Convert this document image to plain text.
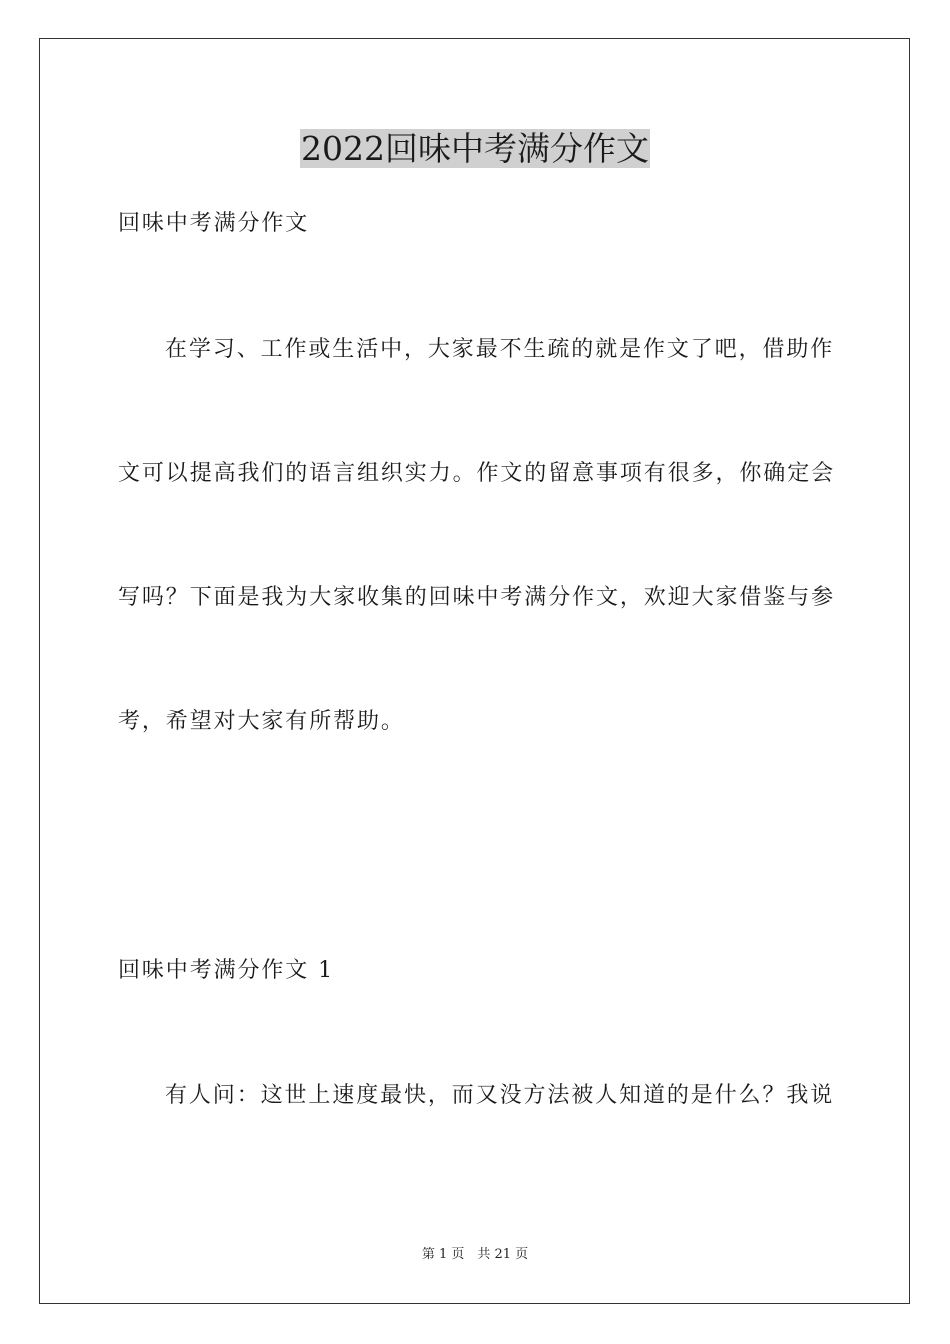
2022回味中考满分作文
回味中考满分作文
在学习、工作或生活中，大家最不生疏的就是作文了吧，借助作
文可以提高我们的语言组织实力。作文的留意事项有很多，你确定会
写吗？下面是我为大家收集的回味中考满分作文，欢迎大家借鉴与参
考，希望对大家有所帮助。
回味中考满分作文 1
有人问：这世上速度最快，而又没方法被人知道的是什么？我说
第 1 页　共 21 页
